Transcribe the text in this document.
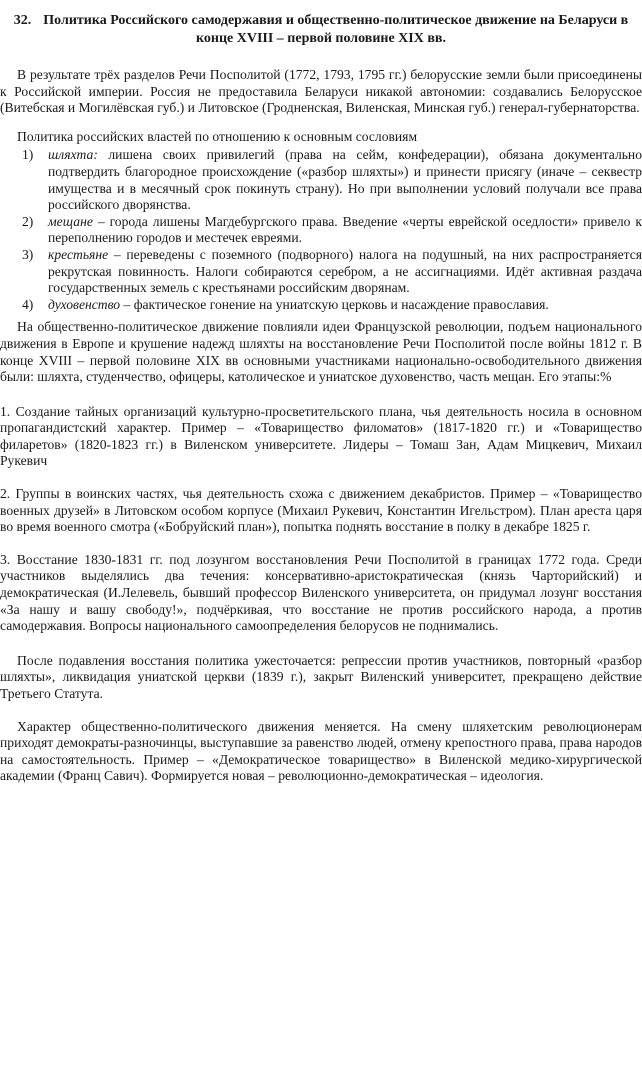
32. Политика Российского самодержавия и общественно-политическое движение на Беларуси в конце XVIII – первой половине XIX вв.

В результате трёх разделов Речи Посполитой (1772, 1793, 1795 гг.) белорусские земли были присоединены к Российской империи. Россия не предоставила Беларуси никакой автономии: создавались Белорусское (Витебская и Могилёвская губ.) и Литовское (Гродненская, Виленская, Минская губ.) генерал-губернаторства.

Политика российских властей по отношению к основным сословиям

1) шляхта: лишена своих привилегий (права на сейм, конфедерации), обязана документально подтвердить благородное происхождение («разбор шляхты») и принести присягу (иначе – секвестр имущества и в месячный срок покинуть страну). Но при выполнении условий получали все права российского дворянства.
2) мещане – города лишены Магдебургского права. Введение «черты еврейской оседлости» привело к переполнению городов и местечек евреями.
3) крестьяне – переведены с поземного (подворного) налога на подушный, на них распространяется рекрутская повинность. Налоги собираются серебром, а не ассигнациями. Идёт активная раздача государственных земель с крестьянами российским дворянам.
4) духовенство – фактическое гонение на униатскую церковь и насаждение православия.

На общественно-политическое движение повлияли идеи Французской революции, подъем национального движения в Европе и крушение надежд шляхты на восстановление Речи Посполитой после войны 1812 г. В конце XVIII – первой половине XIX вв основными участниками национально-освободительного движения были: шляхта, студенчество, офицеры, католическое и униатское духовенство, часть мещан. Его этапы:%

1. Создание тайных организаций культурно-просветительского плана, чья деятельность носила в основном пропагандистский характер. Пример – «Товарищество филоматов» (1817-1820 гг.) и «Товарищество филаретов» (1820-1823 гг.) в Виленском университете. Лидеры – Томаш Зан, Адам Мицкевич, Михаил Рукевич

2. Группы в воинских частях, чья деятельность схожа с движением декабристов. Пример – «Товарищество военных друзей» в Литовском особом корпусе (Михаил Рукевич, Константин Игельстром). План ареста царя во время военного смотра («Бобруйский план»), попытка поднять восстание в полку в декабре 1825 г.

3. Восстание 1830-1831 гг. под лозунгом восстановления Речи Посполитой в границах 1772 года. Среди участников выделялись два течения: консервативно-аристократическая (князь Чарторийский) и демократическая (И.Лелевель, бывший профессор Виленского университета, он придумал лозунг восстания «За нашу и вашу свободу!», подчёркивая, что восстание не против российского народа, а против самодержавия. Вопросы национального самоопределения белорусов не поднимались.

После подавления восстания политика ужесточается: репрессии против участников, повторный «разбор шляхты», ликвидация униатской церкви (1839 г.), закрыт Виленский университет, прекращено действие Третьего Статута.

Характер общественно-политического движения меняется. На смену шляхетским революционерам приходят демократы-разночинцы, выступавшие за равенство людей, отмену крепостного права, права народов на самостоятельность. Пример – «Демократическое товарищество» в Виленской медико-хирургической академии (Франц Савич). Формируется новая – революционно-демократическая – идеология.
